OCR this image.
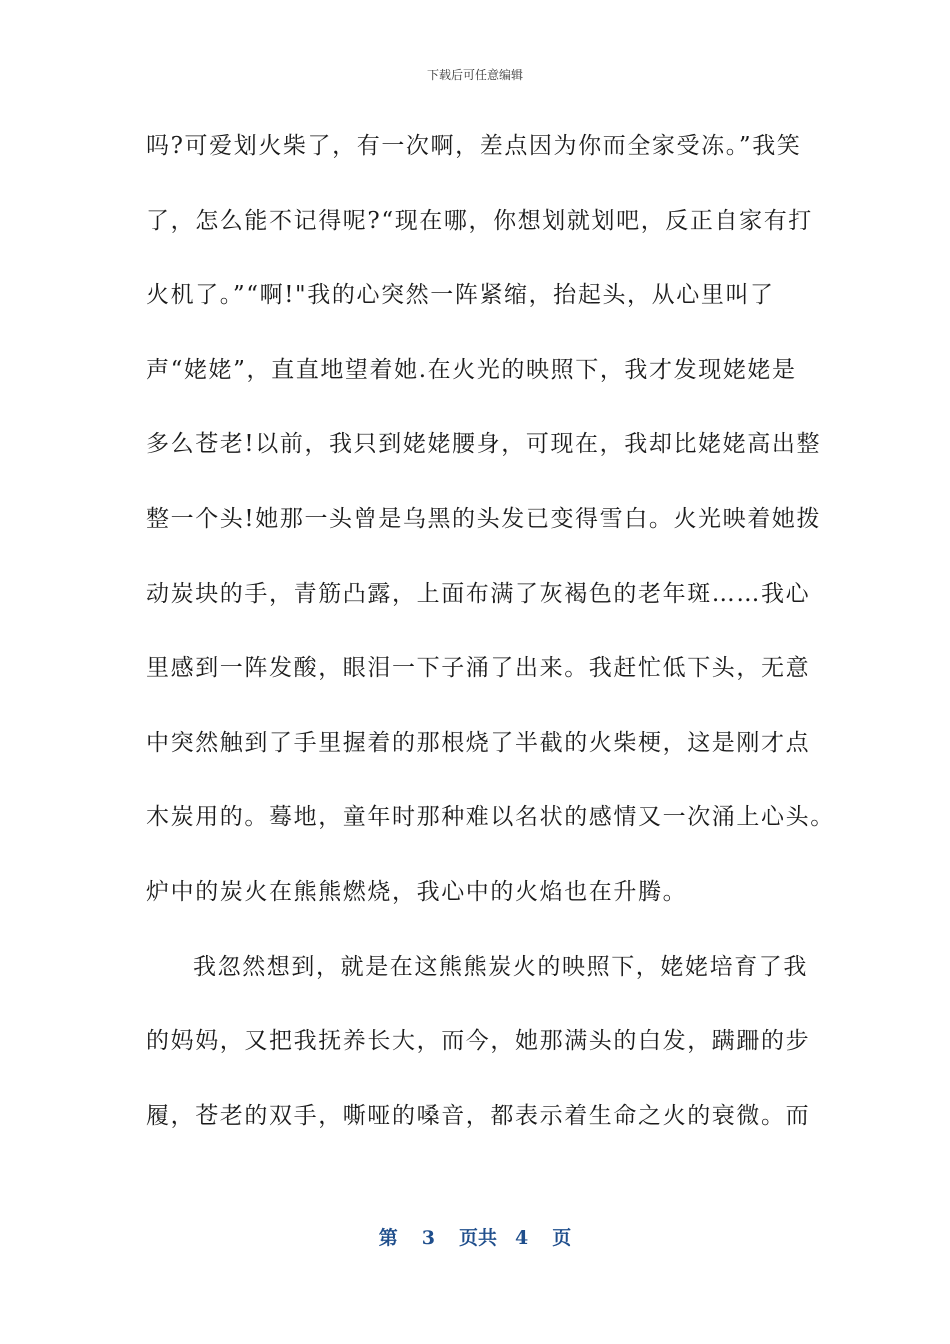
下载后可任意编辑
吗?可爱划火柴了，有一次啊，差点因为你而全家受冻。”我笑
了，怎么能不记得呢?“现在哪，你想划就划吧，反正自家有打
火机了。”“啊!"我的心突然一阵紧缩，抬起头，从心里叫了
声“姥姥”，直直地望着她.在火光的映照下，我才发现姥姥是
多么苍老!以前，我只到姥姥腰身，可现在，我却比姥姥高出整
整一个头!她那一头曾是乌黑的头发已变得雪白。火光映着她拨
动炭块的手，青筋凸露，上面布满了灰褐色的老年斑……我心
里感到一阵发酸，眼泪一下子涌了出来。我赶忙低下头，无意
中突然触到了手里握着的那根烧了半截的火柴梗，这是刚才点
木炭用的。蓦地，童年时那种难以名状的感情又一次涌上心头。
炉中的炭火在熊熊燃烧，我心中的火焰也在升腾。
我忽然想到，就是在这熊熊炭火的映照下，姥姥培育了我
的妈妈，又把我抚养长大，而今，她那满头的白发，蹒跚的步
履，苍老的双手，嘶哑的嗓音，都表示着生命之火的衰微。而
第 3 页共 4 页
